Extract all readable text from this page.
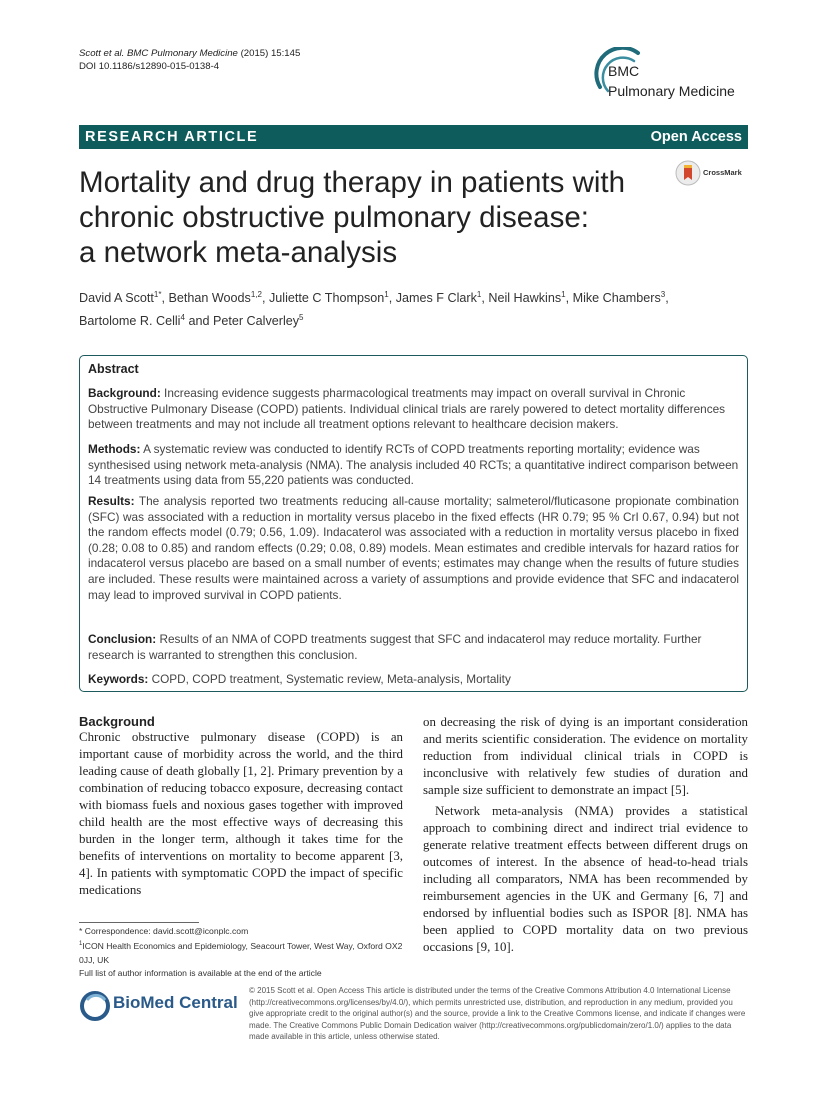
Scott et al. BMC Pulmonary Medicine (2015) 15:145
DOI 10.1186/s12890-015-0138-4	BMC
Pulmonary Medicine
RESEARCH ARTICLE	Open Access
Mortality and drug therapy in patients with
chronic obstructive pulmonary disease:
a network meta-analysis
CrossMark
David A Scott$^{1*}$, Bethan Woods$^{1,2}$, Juliette C Thompson$^1$, James F Clark$^1$, Neil Hawkins$^1$, Mike Chambers$^3$,
Bartolome R. Celli$^4$ and Peter Calverley$^5$
Abstract
Background: Increasing evidence suggests pharmacological treatments may impact on overall survival in Chronic Obstructive Pulmonary Disease (COPD) patients. Individual clinical trials are rarely powered to detect mortality differences between treatments and may not include all treatment options relevant to healthcare decision makers.
Methods: A systematic review was conducted to identify RCTs of COPD treatments reporting mortality; evidence was synthesised using network meta-analysis (NMA). The analysis included 40 RCTs; a quantitative indirect comparison between 14 treatments using data from 55,220 patients was conducted.
Results: The analysis reported two treatments reducing all-cause mortality; salmeterol/fluticasone propionate combination (SFC) was associated with a reduction in mortality versus placebo in the fixed effects (HR 0.79; 95 % CrI 0.67, 0.94) but not the random effects model (0.79; 0.56, 1.09). Indacaterol was associated with a reduction in mortality versus placebo in fixed (0.28; 0.08 to 0.85) and random effects (0.29; 0.08, 0.89) models. Mean estimates and credible intervals for hazard ratios for indacaterol versus placebo are based on a small number of events; estimates may change when the results of future studies are included. These results were maintained across a variety of assumptions and provide evidence that SFC and indacaterol may lead to improved survival in COPD patients.
Conclusion: Results of an NMA of COPD treatments suggest that SFC and indacaterol may reduce mortality. Further research is warranted to strengthen this conclusion.
Keywords: COPD, COPD treatment, Systematic review, Meta-analysis, Mortality
Background
Chronic obstructive pulmonary disease (COPD) is an important cause of morbidity across the world, and the third leading cause of death globally [1, 2]. Primary prevention by a combination of reducing tobacco exposure, decreasing contact with biomass fuels and noxious gases together with improved child health are the most effective ways of decreasing this burden in the longer term, although it takes time for the benefits of interventions on mortality to become apparent [3, 4]. In patients with symptomatic COPD the impact of specific medications
on decreasing the risk of dying is an important consideration and merits scientific consideration. The evidence on mortality reduction from individual clinical trials in COPD is inconclusive with relatively few studies of duration and sample size sufficient to demonstrate an impact [5].
Network meta-analysis (NMA) provides a statistical approach to combining direct and indirect trial evidence to generate relative treatment effects between different drugs on outcomes of interest. In the absence of head-to-head trials including all comparators, NMA has been recommended by reimbursement agencies in the UK and Germany [6, 7] and endorsed by influential bodies such as ISPOR [8]. NMA has been applied to COPD mortality data on two previous occasions [9, 10].
* Correspondence: david.scott@iconplc.com
$^1$ICON Health Economics and Epidemiology, Seacourt Tower, West Way, Oxford OX2 0JJ, UK
Full list of author information is available at the end of the article
BioMed Central
© 2015 Scott et al. Open Access This article is distributed under the terms of the Creative Commons Attribution 4.0 International License (http://creativecommons.org/licenses/by/4.0/), which permits unrestricted use, distribution, and reproduction in any medium, provided you give appropriate credit to the original author(s) and the source, provide a link to the Creative Commons license, and indicate if changes were made. The Creative Commons Public Domain Dedication waiver (http://creativecommons.org/publicdomain/zero/1.0/) applies to the data made available in this article, unless otherwise stated.
